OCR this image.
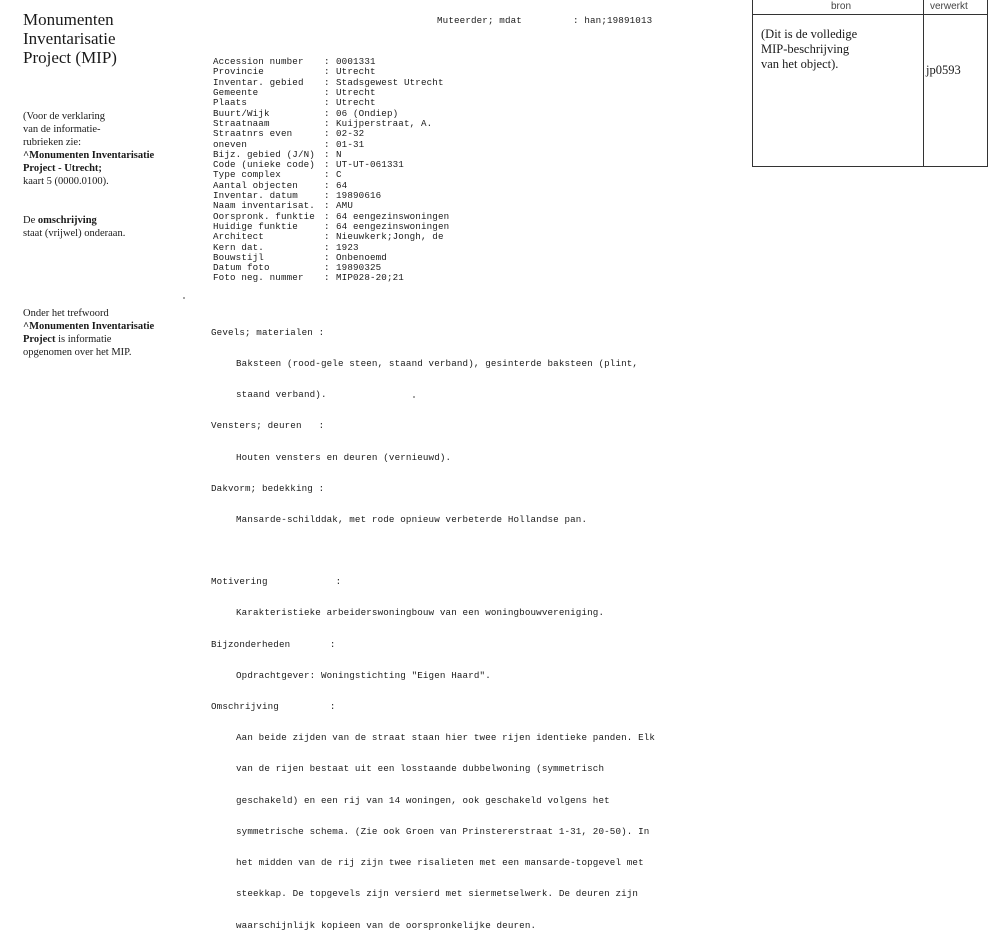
Monumenten
Inventarisatie
Project (MIP)
(Voor de verklaring
van de informatie-
rubrieken zie:
^Monumenten Inventarisatie
Project - Utrecht;
kaart 5 (0000.0100).
De omschrijving
staat (vrijwel) onderaan.
Onder het trefwoord
^Monumenten Inventarisatie
Project is informatie
opgenomen over het MIP.

Muteerder; mdat

	: han;19891013

Accession number	: 0001331
Provincie	: Utrecht
Inventar. gebied	: Stadsgewest Utrecht
Gemeente	: Utrecht
Plaats	: Utrecht
Buurt/Wijk	: 06 (Ondiep)
Straatnaam	: Kuijperstraat, A.
Straatnrs even	: 02-32
oneven	: 01-31
Bijz. gebied (J/N) : N
Code (unieke code) : UT-UT-061331
Type complex	: C
Aantal objecten	: 64
Inventar. datum	: 19890616
Naam inventarisat. : AMU
Oorspronk. funktie : 64 eengezinswoningen
Huidige funktie	: 64 eengezinswoningen
Architect	: Nieuwkerk;Jongh, de
Kern dat.	: 1923
Bouwstijl	: Onbenoemd
Datum foto	: 19890325
Foto neg. nummer	: MIP028-20;21

Gevels; materialen :

Baksteen (rood-gele steen, staand verband), gesinterde baksteen (plint,

staand verband).

Vensters; deuren   :

Houten vensters en deuren (vernieuwd).

Dakvorm; bedekking :

Mansarde-schilddak, met rode opnieuw verbeterde Hollandse pan.

Motivering            :

Karakteristieke arbeiderswoningbouw van een woningbouwvereniging.

Bijzonderheden       :

Opdrachtgever: Woningstichting "Eigen Haard".

Omschrijving         :

Aan beide zijden van de straat staan hier twee rijen identieke panden. Elk

van de rijen bestaat uit een losstaande dubbelwoning (symmetrisch

geschakeld) en een rij van 14 woningen, ook geschakeld volgens het

symmetrische schema. (Zie ook Groen van Prinstererstraat 1-31, 20-50). In

het midden van de rij zijn twee risalieten met een mansarde-topgevel met

steekkap. De topgevels zijn versierd met siermetselwerk. De deuren zijn

waarschijnlijk kopieen van de oorspronkelijke deuren.

bron	verwerkt
(Dit is de volledige
MIP-beschrijving
van het object).	jp0593
